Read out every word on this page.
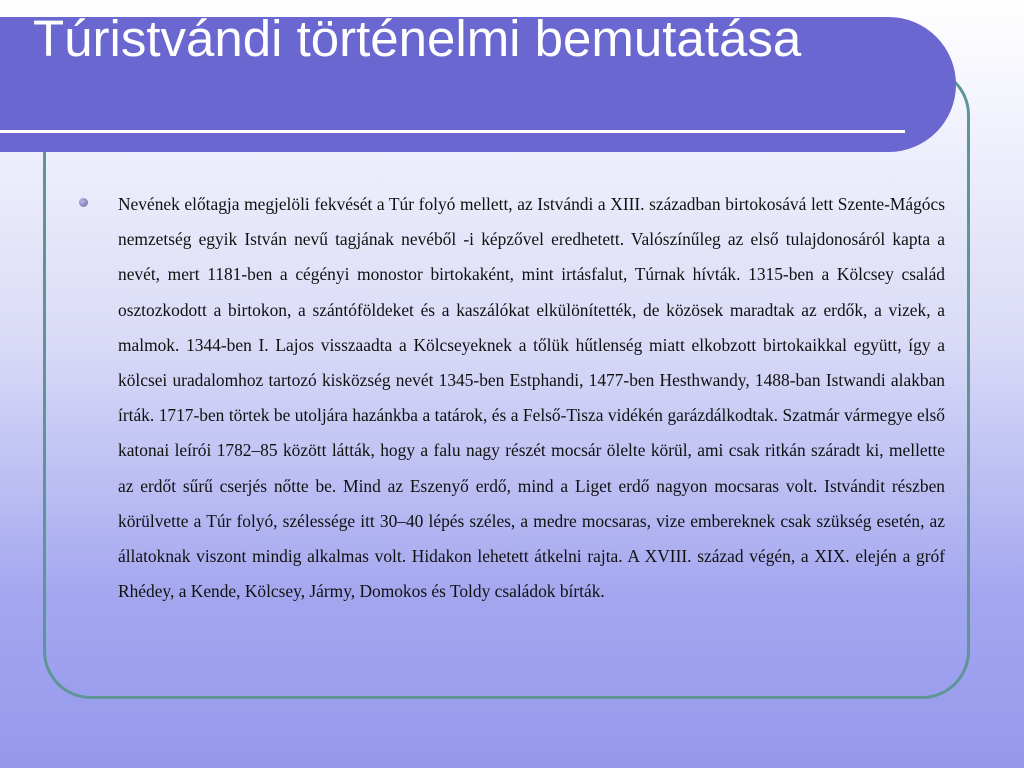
Túristvándi történelmi bemutatása

Nevének előtagja megjelöli fekvését a Túr folyó mellett, az Istvándi a XIII. században birtokosává lett Szente-Mágócs nemzetség egyik István nevű tagjának nevéből -i képzővel eredhetett. Valószínűleg az első tulajdonosáról kapta a nevét, mert 1181-ben a cégényi monostor birtokaként, mint irtásfalut, Túrnak hívták. 1315-ben a Kölcsey család osztozkodott a birtokon, a szántóföldeket és a kaszálókat elkülönítették, de közösek maradtak az erdők, a vizek, a malmok. 1344-ben I. Lajos visszaadta a Kölcseyeknek a tőlük hűtlenség miatt elkobzott birtokaikkal együtt, így a kölcsei uradalomhoz tartozó kisközség nevét 1345-ben Estphandi, 1477-ben Hesthwandy, 1488-ban Istwandi alakban írták. 1717-ben törtek be utoljára hazánkba a tatárok, és a Felső-Tisza vidékén garázdálkodtak. Szatmár vármegye első katonai leírói 1782–85 között látták, hogy a falu nagy részét mocsár ölelte körül, ami csak ritkán száradt ki, mellette az erdőt sűrű cserjés nőtte be. Mind az Eszenyő erdő, mind a Liget erdő nagyon mocsaras volt. Istvándit részben körülvette a Túr folyó, szélessége itt 30–40 lépés széles, a medre mocsaras, vize embereknek csak szükség esetén, az állatoknak viszont mindig alkalmas volt. Hidakon lehetett átkelni rajta. A XVIII. század végén, a XIX. elején a gróf Rhédey, a Kende, Kölcsey, Jármy, Domokos és Toldy családok bírták.
